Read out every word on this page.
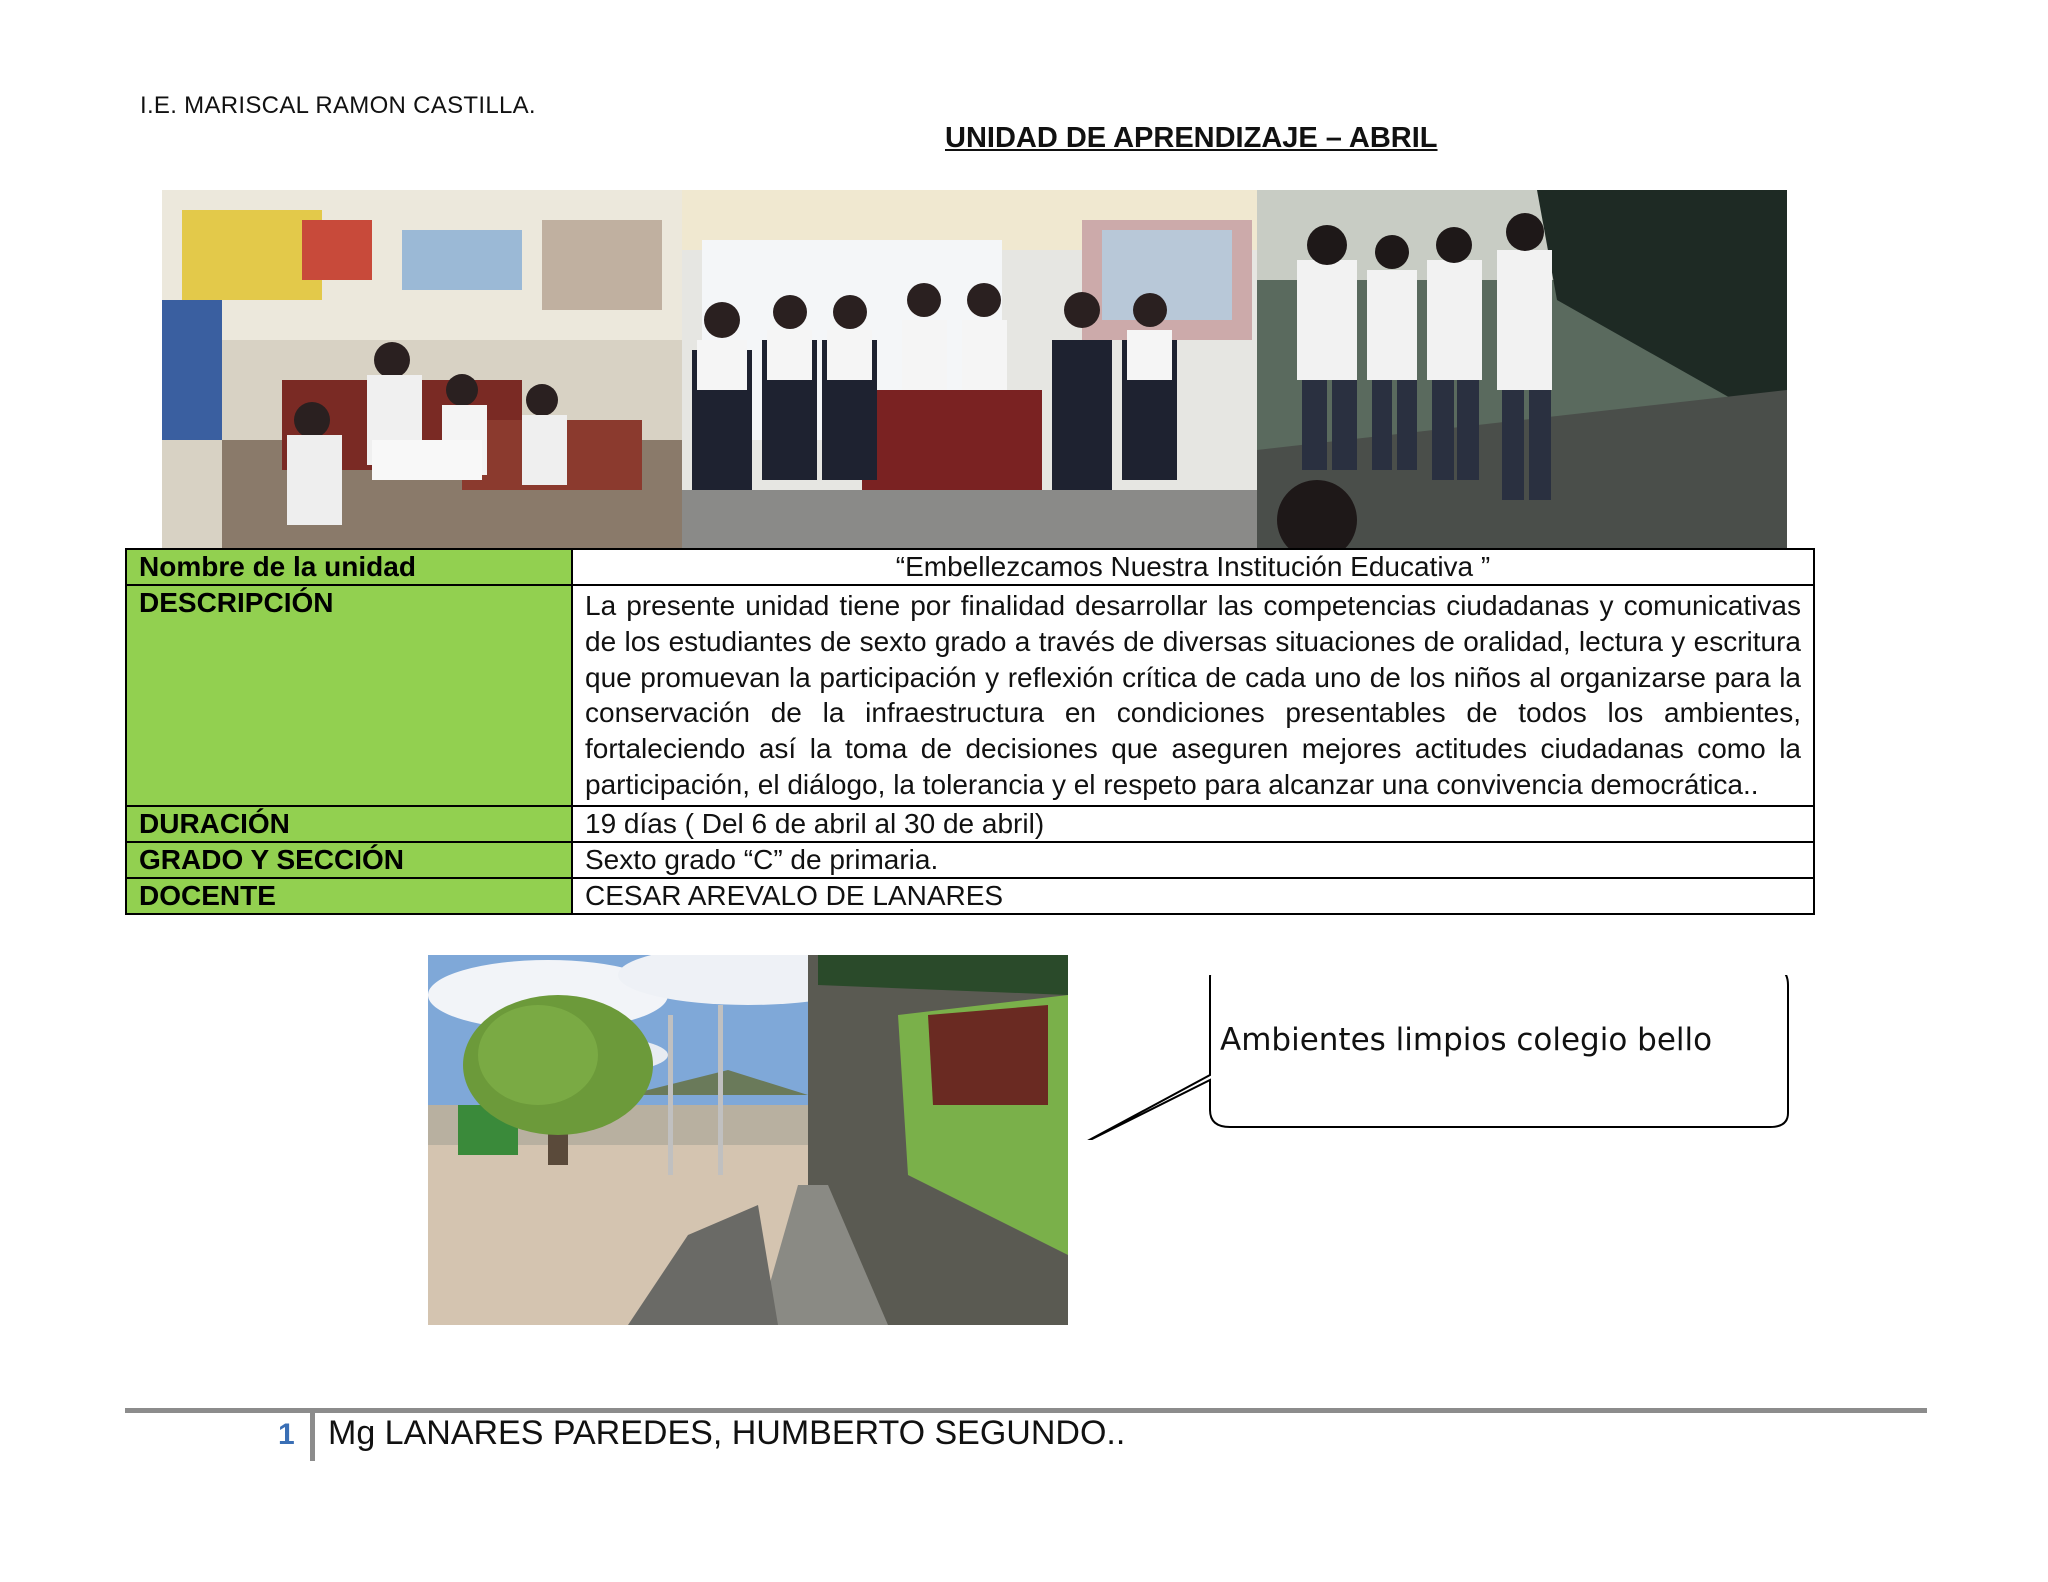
I.E. MARISCAL RAMON CASTILLA.
UNIDAD DE APRENDIZAJE – ABRIL
Nombre de la unidad	“Embellezcamos Nuestra Institución Educativa ”
DESCRIPCIÓN	La presente unidad tiene por finalidad desarrollar las competencias ciudadanas y comunicativas de los estudiantes de sexto grado a través de diversas situaciones de oralidad, lectura y escritura que promuevan la participación y reflexión crítica de cada uno de los niños al organizarse para la conservación de la infraestructura en condiciones presentables de todos los ambientes, fortaleciendo así la toma de decisiones que aseguren mejores actitudes ciudadanas como la participación, el diálogo, la tolerancia y el respeto para alcanzar una convivencia democrática..
DURACIÓN	19 días ( Del 6 de abril al 30 de abril)
GRADO Y SECCIÓN	Sexto grado “C” de primaria.
DOCENTE	CESAR AREVALO DE LANARES
Ambientes limpios colegio bello
1 Mg LANARES PAREDES, HUMBERTO SEGUNDO..
